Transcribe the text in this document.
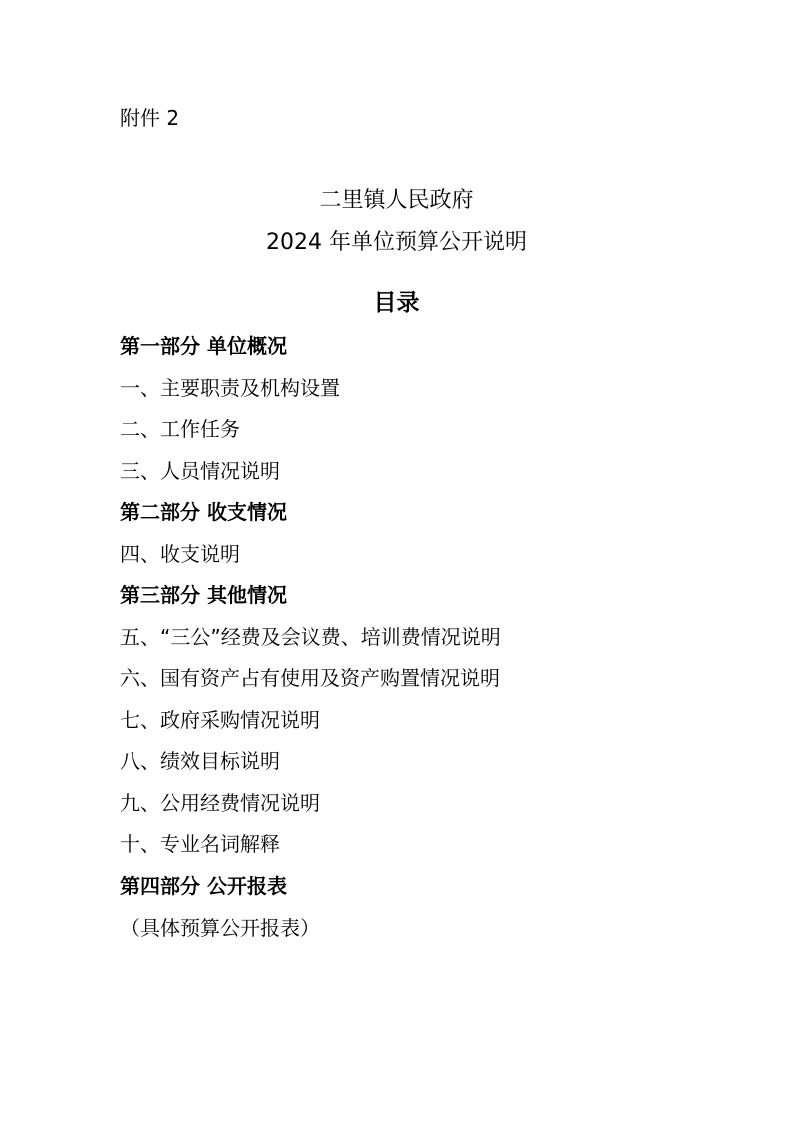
附件 2
二里镇人民政府
2024 年单位预算公开说明
目录
第一部分 单位概况
一、主要职责及机构设置
二、工作任务
三、人员情况说明
第二部分 收支情况
四、收支说明
第三部分 其他情况
五、“三公”经费及会议费、培训费情况说明
六、国有资产占有使用及资产购置情况说明
七、政府采购情况说明
八、绩效目标说明
九、公用经费情况说明
十、专业名词解释
第四部分 公开报表
（具体预算公开报表）
